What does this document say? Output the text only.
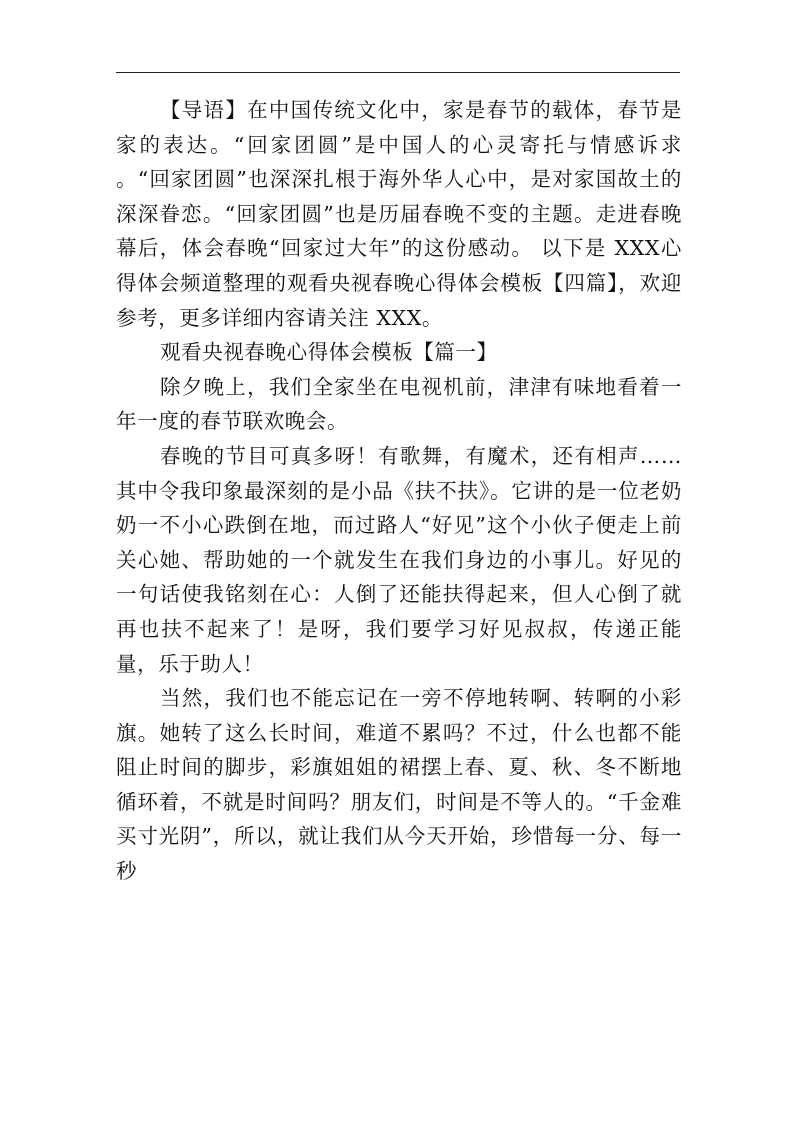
【导语】在中国传统文化中，家是春节的载体，春节是家的表达。“回家团圆”是中国人的心灵寄托与情感诉求 。“回家团圆”也深深扎根于海外华人心中，是对家国故土的深深眷恋。“回家团圆”也是历届春晚不变的主题。走进春晚幕后，体会春晚“回家过大年”的这份感动。 以下是 XXX心得体会频道整理的观看央视春晚心得体会模板【四篇】，欢迎参考，更多详细内容请关注 XXX。

观看央视春晚心得体会模板【篇一】

除夕晚上，我们全家坐在电视机前，津津有味地看着一年一度的春节联欢晚会。

春晚的节目可真多呀！有歌舞，有魔术，还有相声……其中令我印象最深刻的是小品《扶不扶》。它讲的是一位老奶奶一不小心跌倒在地，而过路人“好见”这个小伙子便走上前关心她、帮助她的一个就发生在我们身边的小事儿。好见的一句话使我铭刻在心：人倒了还能扶得起来，但人心倒了就再也扶不起来了！是呀，我们要学习好见叔叔，传递正能量，乐于助人！

当然，我们也不能忘记在一旁不停地转啊、转啊的小彩旗。她转了这么长时间，难道不累吗？不过，什么也都不能阻止时间的脚步，彩旗姐姐的裙摆上春、夏、秋、冬不断地循环着，不就是时间吗？朋友们，时间是不等人的。“千金难买寸光阴”，所以，就让我们从今天开始，珍惜每一分、每一秒
